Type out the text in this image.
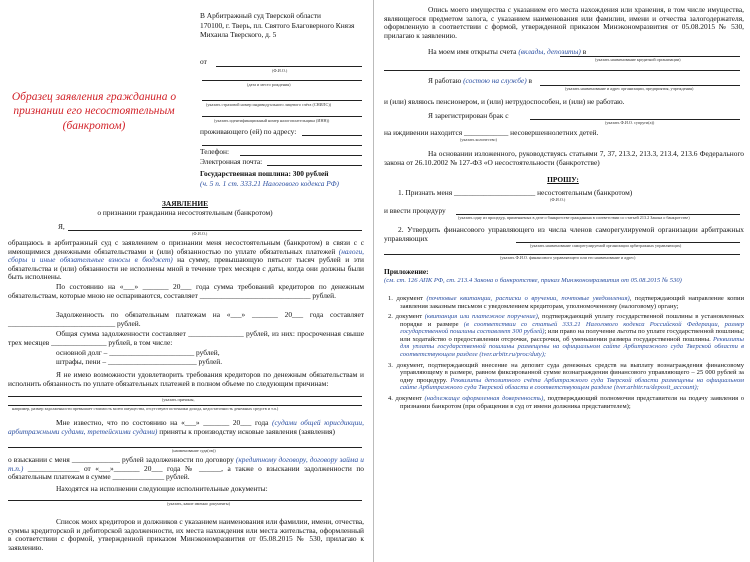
Образец заявления гражданина о признании его несостоятельным (банкротом)
В Арбитражный суд Тверской области
170100, г. Тверь, пл. Святого Благоверного Князя Михаила Тверского, д. 5
от
(Ф.И.О.)
(дата и место рождения)
(указать страховой номер индивидуального лицевого счёта (СНИЛС))
(указать идентификационный номер налогоплательщика (ИНН))
проживающего (ей) по адресу:
Телефон:
Электронная почта:
Государственная пошлина: 300 рублей
(ч. 5 п. 1 ст. 333.21 Налогового кодекса РФ)
ЗАЯВЛЕНИЕ
о признании гражданина несостоятельным (банкротом)
Я,
(Ф.И.О.)
обращаюсь в арбитражный суд с заявлением о признании меня несостоятельным (банкротом) в связи с с имеющимися денежными обязательствами и (или) обязанностью по уплате обязательных платежей (налоги, сборы и иные обязательные взносы в бюджет) на сумму, превышающую пятьсот тысяч рублей и эти обязательства и (или) обязанности не исполнены мной в течение трех месяцев с даты, когда они должны были быть исполнены.
По состоянию на «___» _______ 20___ года сумма требований кредиторов по денежным обязательствам, которые мною не оспариваются, составляет ______________________________ рублей.
Задолженность по обязательным платежам на «___» _______ 20___ года составляет _____________________________ рублей.
Общая сумма задолженности составляет _______________ рублей, из них: просроченная свыше трех месяцев _______________ рублей, в том числе:
основной долг – _______________________ рублей,
штрафы, пени – ________________________ рублей.
Я не имею возможности удовлетворить требования кредиторов по денежным обязательствам и исполнить обязанность по уплате обязательных платежей в полном объеме по следующим причинам:
(указать причины,
например, размер задолженности превышает стоимость моего имущества, отсутствуют источники дохода, недостаточность денежных средств и т.п.)
Мне известно, что по состоянию на «___» _______ 20___ года (судами общей юрисдикции, арбитражными судами, третейскими судами) приняты к производству исковые заявления (заявления)
(наименование суда(ов))
о взыскании с меня _____________ рублей задолженности по договору (кредитному договору, договору займа и т.п.) ______________ от «___»_______ 20___ года № ______, а также о взыскании задолженности по обязательным платежам в сумме ______________ рублей.
Находятся на исполнении следующие исполнительные документы:
(указать, какие именно документы)
Список моих кредиторов и должников с указанием наименования или фамилии, имени, отчества, суммы кредиторской и дебиторской задолженности, их места нахождения или места жительства, оформленный в соответствии с формой, утвержденной приказом Минэкономразвития от 05.08.2015 № 530, прилагаю к заявлению.
Опись моего имущества с указанием его места нахождения или хранения, в том числе имущества, являющегося предметом залога, с указанием наименования или фамилии, имени и отчества залогодержателя, оформленную в соответствии с формой, утвержденной приказом Минэкономразвития от 05.08.2015 № 530, прилагаю к заявлению.
На моем имя открыты счета (вклады, депозиты) в
(указать наименование кредитной организации)
Я работаю (состою на службе) в
(указать наименование и адрес организации, предприятия, учреждения)
и (или) являюсь пенсионером, и (или) нетрудоспособен, и (или) не работаю.
Я зарегистрирован брак с
(указать Ф.И.О. супруги(а))
на иждивении находится ____________ несовершеннолетних детей.
(указать количество)
На основании изложенного, руководствуясь статьями 7, 37, 213.2, 213.3, 213.4, 213.6 Федерального закона от 26.10.2002 № 127-ФЗ «О несостоятельности (банкротстве)
ПРОШУ:
1. Признать меня ______________________ несостоятельным (банкротом)
(Ф.И.О.)
и ввести процедуру
(указать одну из процедур, применяемых в деле о банкротстве гражданина в соответствии со статьей 213.2 Закона о банкротстве)
2. Утвердить финансового управляющего из числа членов саморегулируемой организации арбитражных управляющих
(указать наименование саморегулируемой организации арбитражных управляющих)
(указать Ф.И.О. финансового управляющего или его наименование и адрес)
Приложение:
(см. ст. 126 АПК РФ, ст. 213.4 Закона о банкротстве, приказ Минэкономразвития от 05.08.2015 № 530)

1. документ (почтовые квитанции, расписки о вручении, почтовые уведомления), подтверждающий направление копии заявления заказным письмом с уведомлением кредиторам, уполномоченному (налоговому) органу;

2. документ (квитанция или платежное поручение), подтверждающий уплату государственной пошлины в установленных порядке и размере (в соответствии со статьей 333.21 Налогового кодекса Российской Федерации, размер государственной пошлины составляет 300 рублей); или право на получение льготы по уплате государственной пошлины; или ходатайство о предоставлении отсрочки, рассрочки, об уменьшении размера государственной пошлины. Реквизиты для уплаты государственной пошлины размещены на официальном сайте Арбитражного суда Тверской области в соответствующем разделе (tver.arbitr.ru/proc/duty);

3. документ, подтверждающий внесение на депозит суда денежных средств на выплату вознаграждения финансовому управляющему в размере, равном фиксированной сумме вознаграждения финансового управляющего – 25 000 рублей за одну процедуру. Реквизиты депозитного счёта Арбитражного суда Тверской области размещены на официальном сайте Арбитражного суда Тверской области в соответствующем разделе (tver.arbitr.ru/deposit_account);

4. документ (надлежаще оформленная доверенность), подтверждающий полномочия представителя на подачу заявления о признании банкротом (при обращении в суд от имени должника представителем);
